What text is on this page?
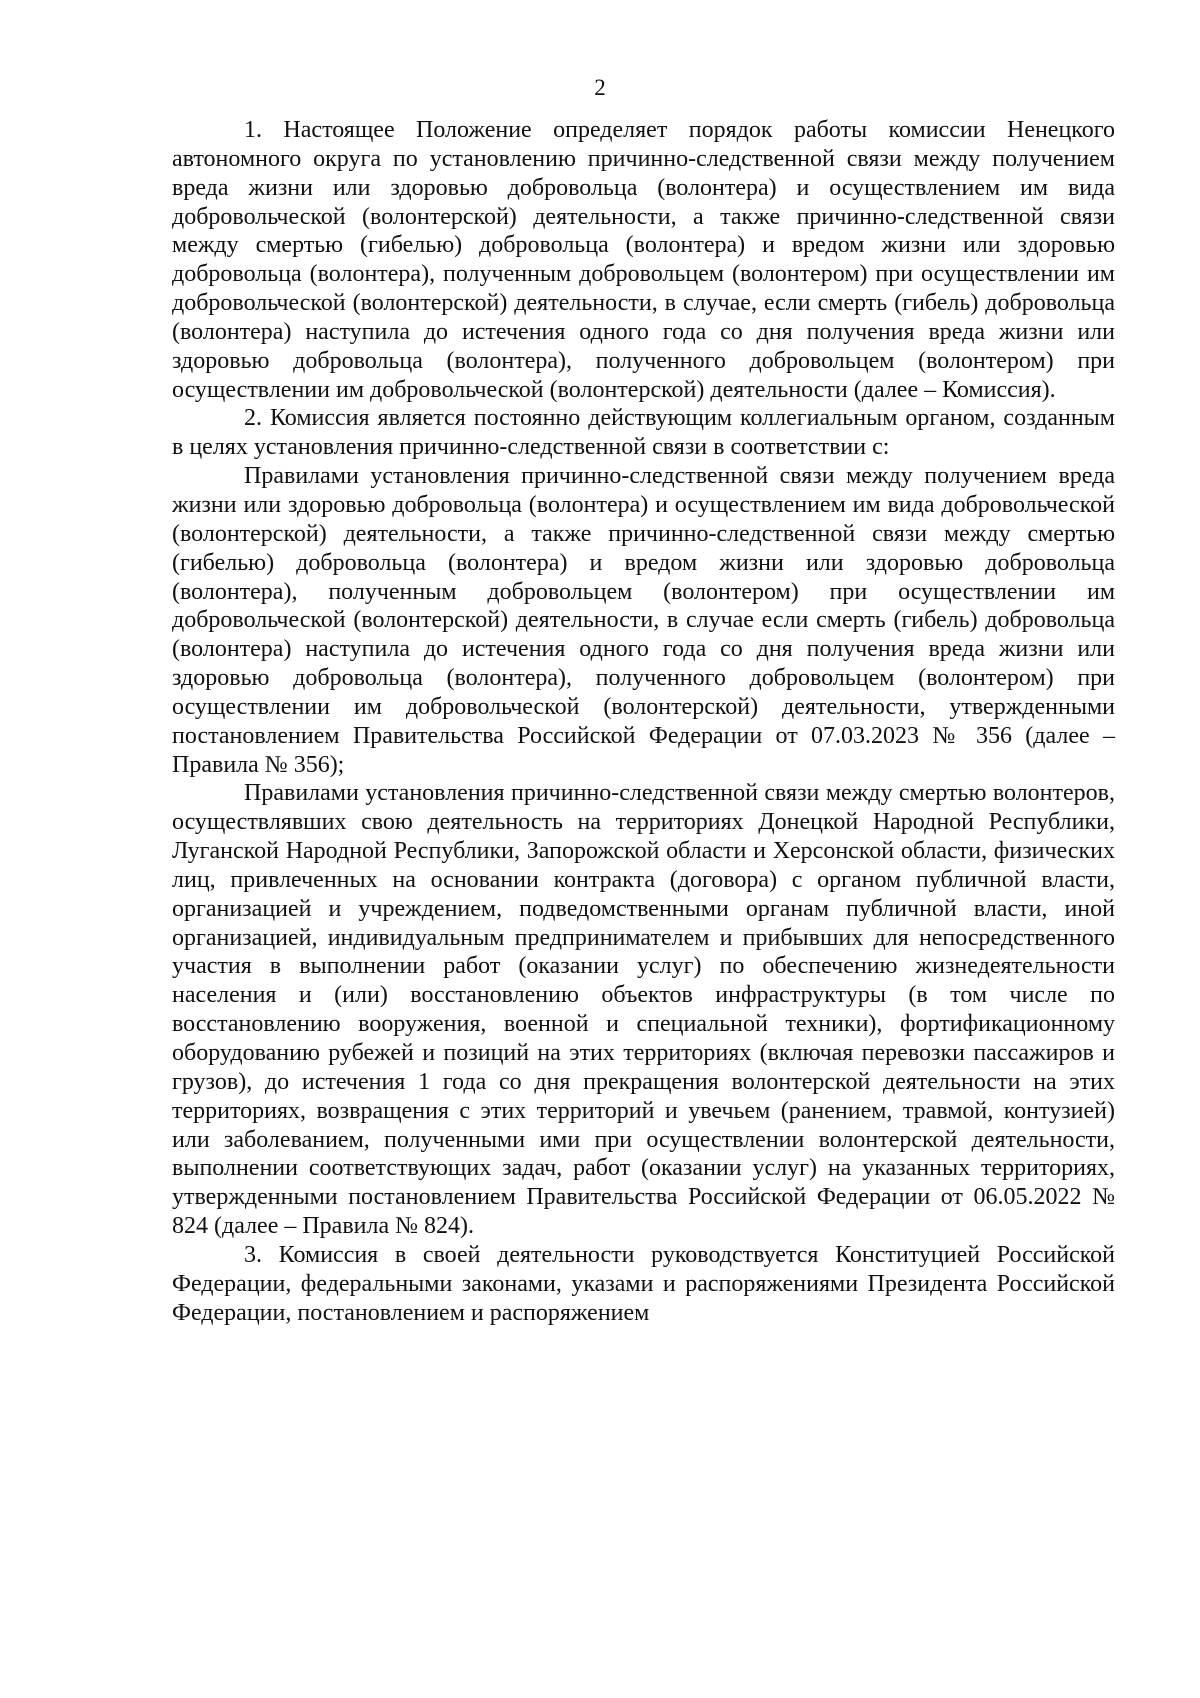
2

1. Настоящее Положение определяет порядок работы комиссии Ненецкого автономного округа по установлению причинно-следственной связи между получением вреда жизни или здоровью добровольца (волонтера) и осуществлением им вида добровольческой (волонтерской) деятельности, а также причинно-следственной связи между смертью (гибелью) добровольца (волонтера) и вредом жизни или здоровью добровольца (волонтера), полученным добровольцем (волонтером) при осуществлении им добровольческой (волонтерской) деятельности, в случае, если смерть (гибель) добровольца (волонтера) наступила до истечения одного года со дня получения вреда жизни или здоровью добровольца (волонтера), полученного добровольцем (волонтером) при осуществлении им добровольческой (волонтерской) деятельности (далее – Комиссия).

2. Комиссия является постоянно действующим коллегиальным органом, созданным в целях установления причинно-следственной связи в соответствии с:

Правилами установления причинно-следственной связи между получением вреда жизни или здоровью добровольца (волонтера) и осуществлением им вида добровольческой (волонтерской) деятельности, а также причинно-следственной связи между смертью (гибелью) добровольца (волонтера) и вредом жизни или здоровью добровольца (волонтера), полученным добровольцем (волонтером) при осуществлении им добровольческой (волонтерской) деятельности, в случае если смерть (гибель) добровольца (волонтера) наступила до истечения одного года со дня получения вреда жизни или здоровью добровольца (волонтера), полученного добровольцем (волонтером) при осуществлении им добровольческой (волонтерской) деятельности, утвержденными постановлением Правительства Российской Федерации от 07.03.2023 № 356 (далее – Правила № 356);

Правилами установления причинно-следственной связи между смертью волонтеров, осуществлявших свою деятельность на территориях Донецкой Народной Республики, Луганской Народной Республики, Запорожской области и Херсонской области, физических лиц, привлеченных на основании контракта (договора) с органом публичной власти, организацией и учреждением, подведомственными органам публичной власти, иной организацией, индивидуальным предпринимателем и прибывших для непосредственного участия в выполнении работ (оказании услуг) по обеспечению жизнедеятельности населения и (или) восстановлению объектов инфраструктуры (в том числе по восстановлению вооружения, военной и специальной техники), фортификационному оборудованию рубежей и позиций на этих территориях (включая перевозки пассажиров и грузов), до истечения 1 года со дня прекращения волонтерской деятельности на этих территориях, возвращения с этих территорий и увечьем (ранением, травмой, контузией) или заболеванием, полученными ими при осуществлении волонтерской деятельности, выполнении соответствующих задач, работ (оказании услуг) на указанных территориях, утвержденными постановлением Правительства Российской Федерации от 06.05.2022 № 824 (далее – Правила № 824).

3. Комиссия в своей деятельности руководствуется Конституцией Российской Федерации, федеральными законами, указами и распоряжениями Президента Российской Федерации, постановлением и распоряжением
